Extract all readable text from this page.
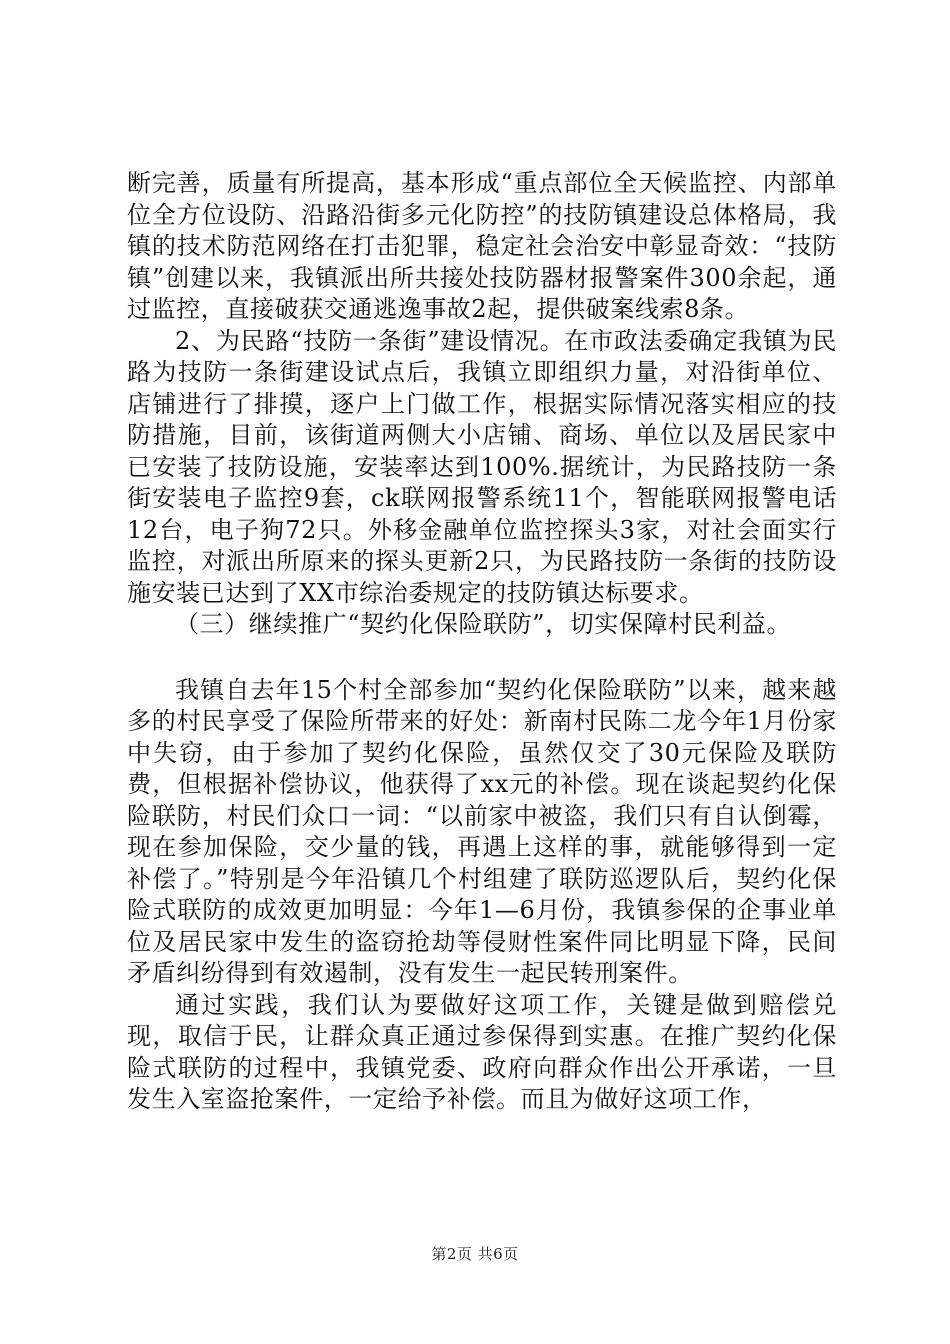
断完善，质量有所提高，基本形成“重点部位全天候监控、内部单位全方位设防、沿路沿街多元化防控”的技防镇建设总体格局，我镇的技术防范网络在打击犯罪，稳定社会治安中彰显奇效：“技防镇”创建以来，我镇派出所共接处技防器材报警案件300余起，通过监控，直接破获交通逃逸事故2起，提供破案线索8条。

2、为民路“技防一条街”建设情况。在市政法委确定我镇为民路为技防一条街建设试点后，我镇立即组织力量，对沿街单位、店铺进行了排摸，逐户上门做工作，根据实际情况落实相应的技防措施，目前，该街道两侧大小店铺、商场、单位以及居民家中已安装了技防设施，安装率达到100%.据统计，为民路技防一条街安装电子监控9套，ck联网报警系统11个，智能联网报警电话12台，电子狗72只。外移金融单位监控探头3家，对社会面实行监控，对派出所原来的探头更新2只，为民路技防一条街的技防设施安装已达到了XX市综治委规定的技防镇达标要求。

（三）继续推广“契约化保险联防”，切实保障村民利益。

我镇自去年15个村全部参加“契约化保险联防”以来，越来越多的村民享受了保险所带来的好处：新南村民陈二龙今年1月份家中失窃，由于参加了契约化保险，虽然仅交了30元保险及联防费，但根据补偿协议，他获得了xx元的补偿。现在谈起契约化保险联防，村民们众口一词：“以前家中被盗，我们只有自认倒霉，现在参加保险，交少量的钱，再遇上这样的事，就能够得到一定补偿了。”特别是今年沿镇几个村组建了联防巡逻队后，契约化保险式联防的成效更加明显：今年1—6月份，我镇参保的企事业单位及居民家中发生的盗窃抢劫等侵财性案件同比明显下降，民间矛盾纠纷得到有效遏制，没有发生一起民转刑案件。

通过实践，我们认为要做好这项工作，关键是做到赔偿兑现，取信于民，让群众真正通过参保得到实惠。在推广契约化保险式联防的过程中，我镇党委、政府向群众作出公开承诺，一旦发生入室盗抢案件，一定给予补偿。而且为做好这项工作，

第2页 共6页
